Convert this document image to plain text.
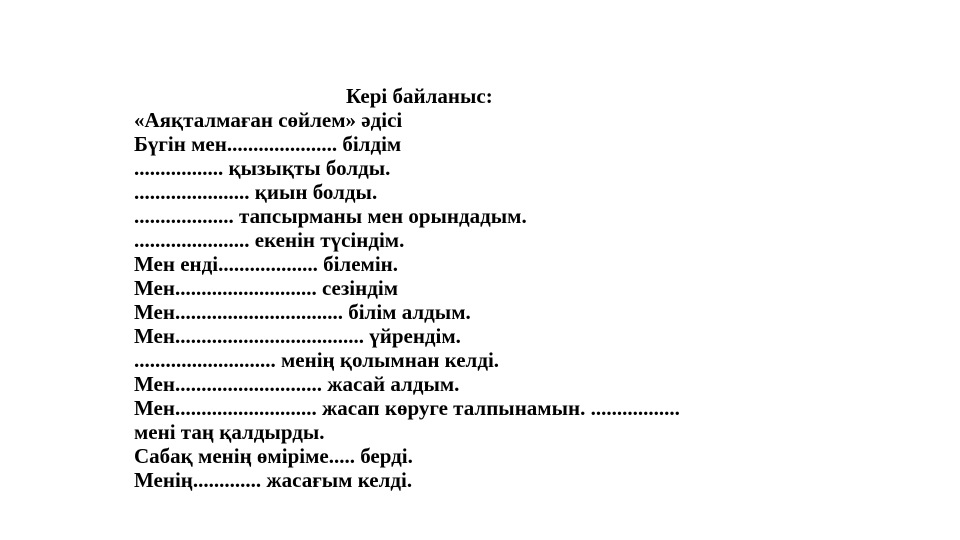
Кері байланыс:
«Аяқталмаған сөйлем» әдісі
Бүгін мен..................... білдім
................. қызықты болды.
...................... қиын болды.
................... тапсырманы мен орындадым.
...................... екенін түсіндім.
Мен енді................... білемін.
Мен........................... сезіндім
Мен................................ білім алдым.
Мен.................................... үйрендім.
........................... менің қолымнан келді.
Мен............................ жасай алдым.
Мен........................... жасап көруге талпынамын. .................
мені таң қалдырды.
Сабақ менің өміріме..... берді.
Менің............. жасағым келді.
